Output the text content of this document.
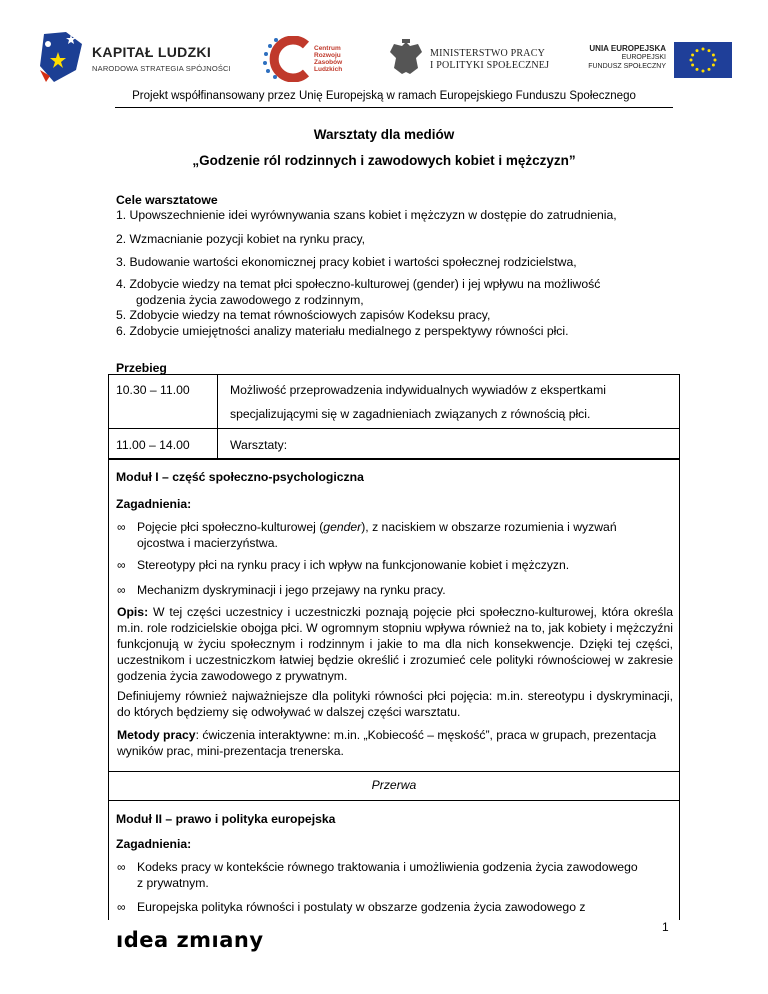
KAPITAŁ LUDZKI
NARODOWA STRATEGIA SPÓJNOŚCI
Centrum
Rozwoju
Zasobów
Ludzkich
MINISTERSTWO PRACY
I POLITYKI SPOŁECZNEJ
UNIA EUROPEJSKA
EUROPEJSKI
FUNDUSZ SPOŁECZNY
Projekt współfinansowany przez Unię Europejską w ramach Europejskiego Funduszu Społecznego
Warsztaty dla mediów
„Godzenie ról rodzinnych i zawodowych kobiet i mężczyzn”
Cele warsztatowe
1. Upowszechnienie idei wyrównywania szans kobiet i mężczyzn w dostępie do zatrudnienia,
2. Wzmacnianie pozycji kobiet na rynku pracy,
3. Budowanie wartości ekonomicznej pracy kobiet i wartości społecznej rodzicielstwa,
4. Zdobycie wiedzy na temat płci społeczno-kulturowej (gender) i jej wpływu na możliwość
godzenia życia zawodowego z rodzinnym,
5. Zdobycie wiedzy na temat równościowych zapisów Kodeksu pracy,
6. Zdobycie umiejętności analizy materiału medialnego z perspektywy równości płci.
Przebieg
10.30 – 11.00	Możliwość przeprowadzenia indywidualnych wywiadów z ekspertkami
specjalizującymi się w zagadnieniach związanych z równością płci.
11.00 – 14.00	Warsztaty:
Moduł I – część społeczno-psychologiczna
Zagadnienia:
∞ Pojęcie płci społeczno-kulturowej (gender), z naciskiem w obszarze rozumienia i wyzwań
ojcostwa i macierzyństwa.
∞ Stereotypy płci na rynku pracy i ich wpływ na funkcjonowanie kobiet i mężczyzn.
∞ Mechanizm dyskryminacji i jego przejawy na rynku pracy.
Opis: W tej części uczestnicy i uczestniczki poznają pojęcie płci społeczno-kulturowej, która określa m.in. role rodzicielskie obojga płci. W ogromnym stopniu wpływa również na to, jak kobiety i mężczyźni funkcjonują w życiu społecznym i rodzinnym i jakie to ma dla nich konsekwencje. Dzięki tej części, uczestnikom i uczestniczkom łatwiej będzie określić i zrozumieć cele polityki równościowej w zakresie godzenia życia zawodowego z prywatnym.
Definiujemy również najważniejsze dla polityki równości płci pojęcia: m.in. stereotypu i dyskryminacji, do których będziemy się odwoływać w dalszej części warsztatu.
Metody pracy: ćwiczenia interaktywne: m.in. „Kobiecość – męskość”, praca w grupach, prezentacja wyników prac, mini-prezentacja trenerska.
Przerwa
Moduł II – prawo i polityka europejska
Zagadnienia:
∞ Kodeks pracy w kontekście równego traktowania i umożliwienia godzenia życia zawodowego
z prywatnym.
∞ Europejska polityka równości i postulaty w obszarze godzenia życia zawodowego z
1
ıdea zmıany
